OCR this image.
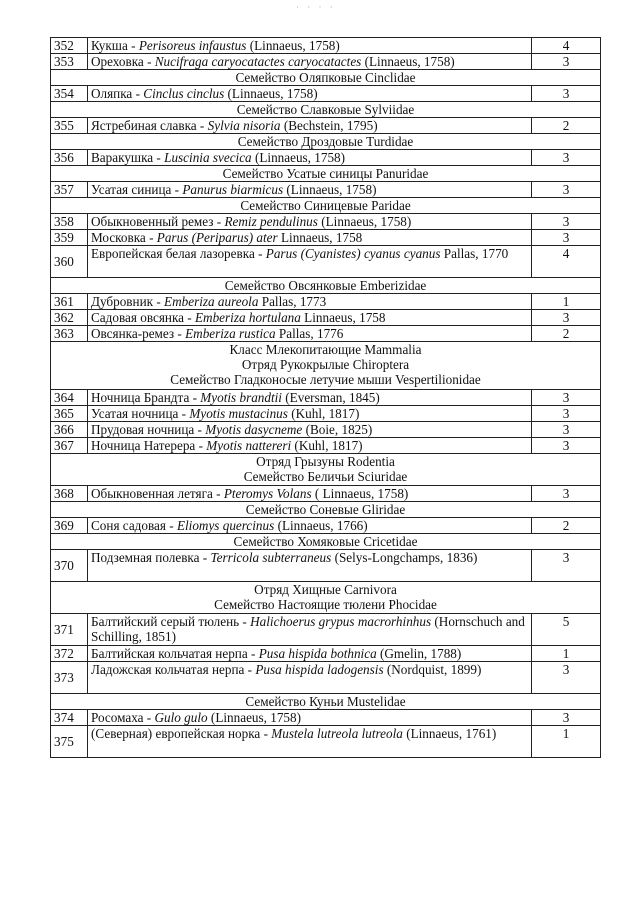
· · · ·
352	Кукша - Perisoreus infaustus (Linnaeus, 1758)	4
353	Ореховка - Nucifraga caryocatactes caryocatactes (Linnaeus, 1758)	3

Семейство Оляпковые Cinclidae		

354	Оляпка - Cinclus cinclus (Linnaeus, 1758)	3

Семейство Славковые Sylviidae		

355	Ястребиная славка - Sylvia nisoria (Bechstein, 1795)	2

Семейство Дроздовые Turdidae		

356	Варакушка - Luscinia svecica (Linnaeus, 1758)	3

Семейство Усатые синицы Panuridae		

357	Усатая синица - Panurus biarmicus (Linnaeus, 1758)	3

Семейство Синицевые Paridae		

358	Обыкновенный ремез - Remiz pendulinus (Linnaeus, 1758)	3
359	Московка - Parus (Periparus) ater Linnaeus, 1758	3
360	Европейская белая лазоревка - Parus (Cyanistes) cyanus cyanus Pallas, 1770	4

Семейство Овсянковые Emberizidae		

361	Дубровник - Emberiza aureola Pallas, 1773	1
362	Садовая овсянка - Emberiza hortulana Linnaeus, 1758	3
363	Овсянка-ремез - Emberiza rustica Pallas, 1776	2

Класс Млекопитающие Mammalia
Отряд Рукокрылые Chiroptera
Семейство Гладконосые летучие мыши Vespertilionidae		

364	Ночница Брандта - Myotis brandtii (Eversman, 1845)	3
365	Усатая ночница - Myotis mustacinus (Kuhl, 1817)	3
366	Прудовая ночница - Myotis dasycneme (Boie, 1825)	3
367	Ночница Натерера - Myotis nattereri (Kuhl, 1817)	3

Отряд Грызуны Rodentia
Семейство Беличьи Sciuridae		

368	Обыкновенная летяга - Pteromys Volans ( Linnaeus, 1758)	3

Семейство Соневые Gliridae		

369	Соня садовая - Eliomys quercinus (Linnaeus, 1766)	2

Семейство Хомяковые Cricetidae		

370	Подземная полевка - Terricola subterraneus (Selys-Longchamps, 1836)	3

Отряд Хищные Carnivora
Семейство Настоящие тюлени Phocidae		

371	Балтийский серый тюлень - Halichoerus grypus macrorhinhus (Hornschuch and Schilling, 1851)	5
372	Балтийская кольчатая нерпа - Pusa hispida bothnica (Gmelin, 1788)	1
373	Ладожская кольчатая нерпа - Pusa hispida ladogensis (Nordquist, 1899)	3

Семейство Куньи Mustelidae		

374	Росомаха - Gulo gulo (Linnaeus, 1758)	3
375	(Северная) европейская норка - Mustela lutreola lutreola (Linnaeus, 1761)	1
